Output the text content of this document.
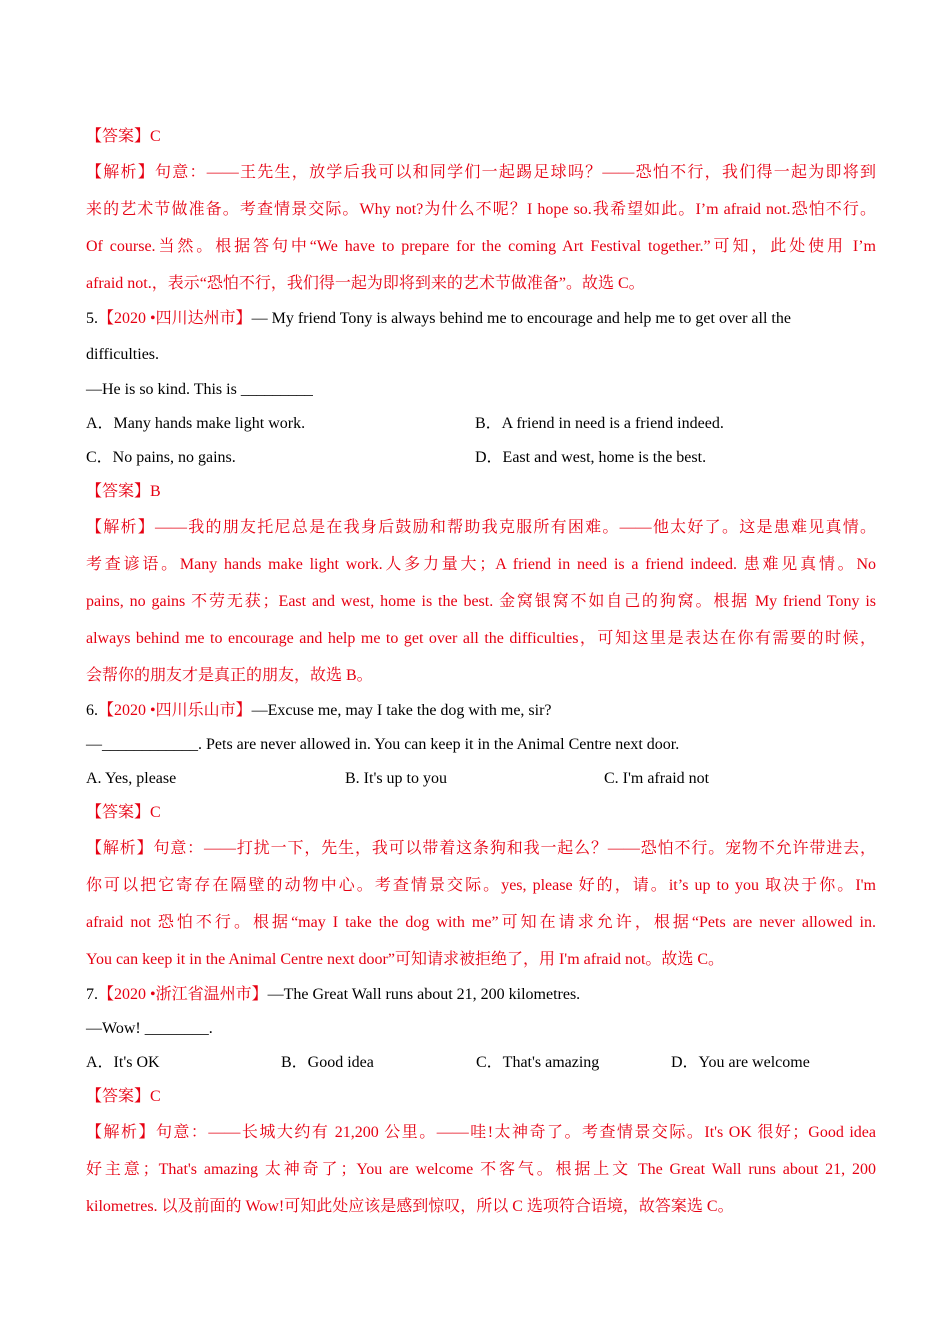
【答案】C
【解析】句意：——王先生，放学后我可以和同学们一起踢足球吗？——恐怕不行，我们得一起为即将到
来的艺术节做准备。考查情景交际。Why not?为什么不呢？I hope so.我希望如此。I’m afraid not.恐怕不行。
Of course.当然。根据答句中“We have to prepare for the coming Art Festival together.”可知，此处使用 I’m
afraid not.，表示“恐怕不行，我们得一起为即将到来的艺术节做准备”。故选 C。
5.【2020 •四川达州市】— My friend Tony is always behind me to encourage and help me to get over all the
difficulties.
—He is so kind. This is _________
A．Many hands make light work.	B．A friend in need is a friend indeed.
C．No pains, no gains.	D．East and west, home is the best.
【答案】B
【解析】——我的朋友托尼总是在我身后鼓励和帮助我克服所有困难。——他太好了。这是患难见真情。
考查谚语。Many hands make light work.人多力量大；A friend in need is a friend indeed. 患难见真情。No
pains, no gains 不劳无获；East and west, home is the best. 金窝银窝不如自己的狗窝。根据 My friend Tony is
always behind me to encourage and help me to get over all the difficulties，可知这里是表达在你有需要的时候，
会帮你的朋友才是真正的朋友，故选 B。
6.【2020 •四川乐山市】—Excuse me, may I take the dog with me, sir?
—____________. Pets are never allowed in. You can keep it in the Animal Centre next door.
A. Yes, please	B. It's up to you	C. I'm afraid not
【答案】C
【解析】句意：——打扰一下，先生，我可以带着这条狗和我一起么？——恐怕不行。宠物不允许带进去，
你可以把它寄存在隔壁的动物中心。考查情景交际。yes, please 好的，请。it’s up to you 取决于你。I'm
afraid not 恐怕不行。根据“may I take the dog with me”可知在请求允许，根据“Pets are never allowed in.
You can keep it in the Animal Centre next door”可知请求被拒绝了，用 I'm afraid not。故选 C。
7.【2020 •浙江省温州市】—The Great Wall runs about 21, 200 kilometres.
—Wow! ________.
A．It's OK	B．Good idea	C．That's amazing	D．You are welcome
【答案】C
【解析】句意：——长城大约有 21,200 公里。——哇!太神奇了。考查情景交际。It's OK 很好；Good idea
好主意；That's amazing 太神奇了；You are welcome 不客气。根据上文 The Great Wall runs about 21, 200
kilometres. 以及前面的 Wow!可知此处应该是感到惊叹，所以 C 选项符合语境，故答案选 C。
